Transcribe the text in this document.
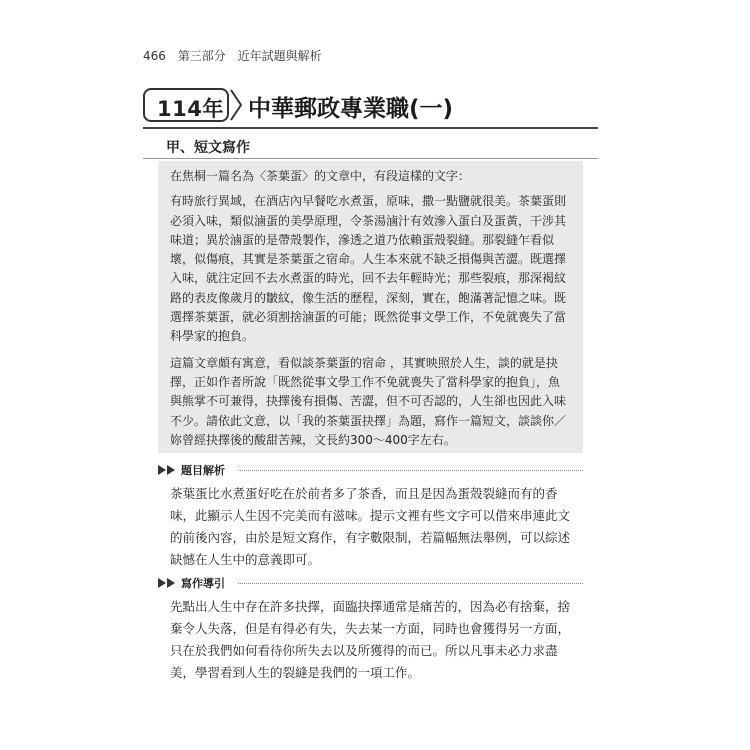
466 第三部分 近年試題與解析
114年 中華郵政專業職(一)
甲、短文寫作

在焦桐一篇名為〈茶葉蛋〉的文章中，有段這樣的文字：

有時旅行異域，在酒店內早餐吃水煮蛋，原味，撒一點鹽就很美。茶葉蛋則

必須入味，類似滷蛋的美學原理，令茶湯滷汁有效滲入蛋白及蛋黃，干涉其

味道；異於滷蛋的是帶殼製作，滲透之道乃依賴蛋殼裂縫。那裂縫乍看似

壞，似傷痕，其實是茶葉蛋之宿命。人生本來就不缺乏損傷與苦澀。既選擇

入味，就注定回不去水煮蛋的時光，回不去年輕時光；那些裂痕，那深褐紋

路的表皮像歲月的皺紋，像生活的歷程，深刻，實在，飽滿著記憶之味。既

選擇茶葉蛋，就必須割捨滷蛋的可能；既然從事文學工作，不免就喪失了當

科學家的抱負。

這篇文章頗有寓意，看似談茶葉蛋的宿命 ，其實映照於人生，談的就是抉

擇，正如作者所說「既然從事文學工作不免就喪失了當科學家的抱負」，魚

與熊掌不可兼得，抉擇後有損傷、苦澀，但不可否認的，人生卻也因此入味

不少。請依此文意，以「我的茶葉蛋抉擇」為題，寫作一篇短文，談談你／

妳曾經抉擇後的酸甜苦辣，文長約300～400字左右。

題目解析
茶葉蛋比水煮蛋好吃在於前者多了茶香，而且是因為蛋殼裂縫而有的香
味，此顯示人生因不完美而有滋味。提示文裡有些文字可以借來串連此文
的前後內容，由於是短文寫作，有字數限制，若篇幅無法舉例，可以綜述
缺憾在人生中的意義即可。
寫作導引
先點出人生中存在許多抉擇，面臨抉擇通常是痛苦的，因為必有捨棄，捨
棄令人失落，但是有得必有失，失去某一方面，同時也會獲得另一方面，
只在於我們如何看待你所失去以及所獲得的而已。所以凡事未必力求盡
美，學習看到人生的裂縫是我們的一項工作。
